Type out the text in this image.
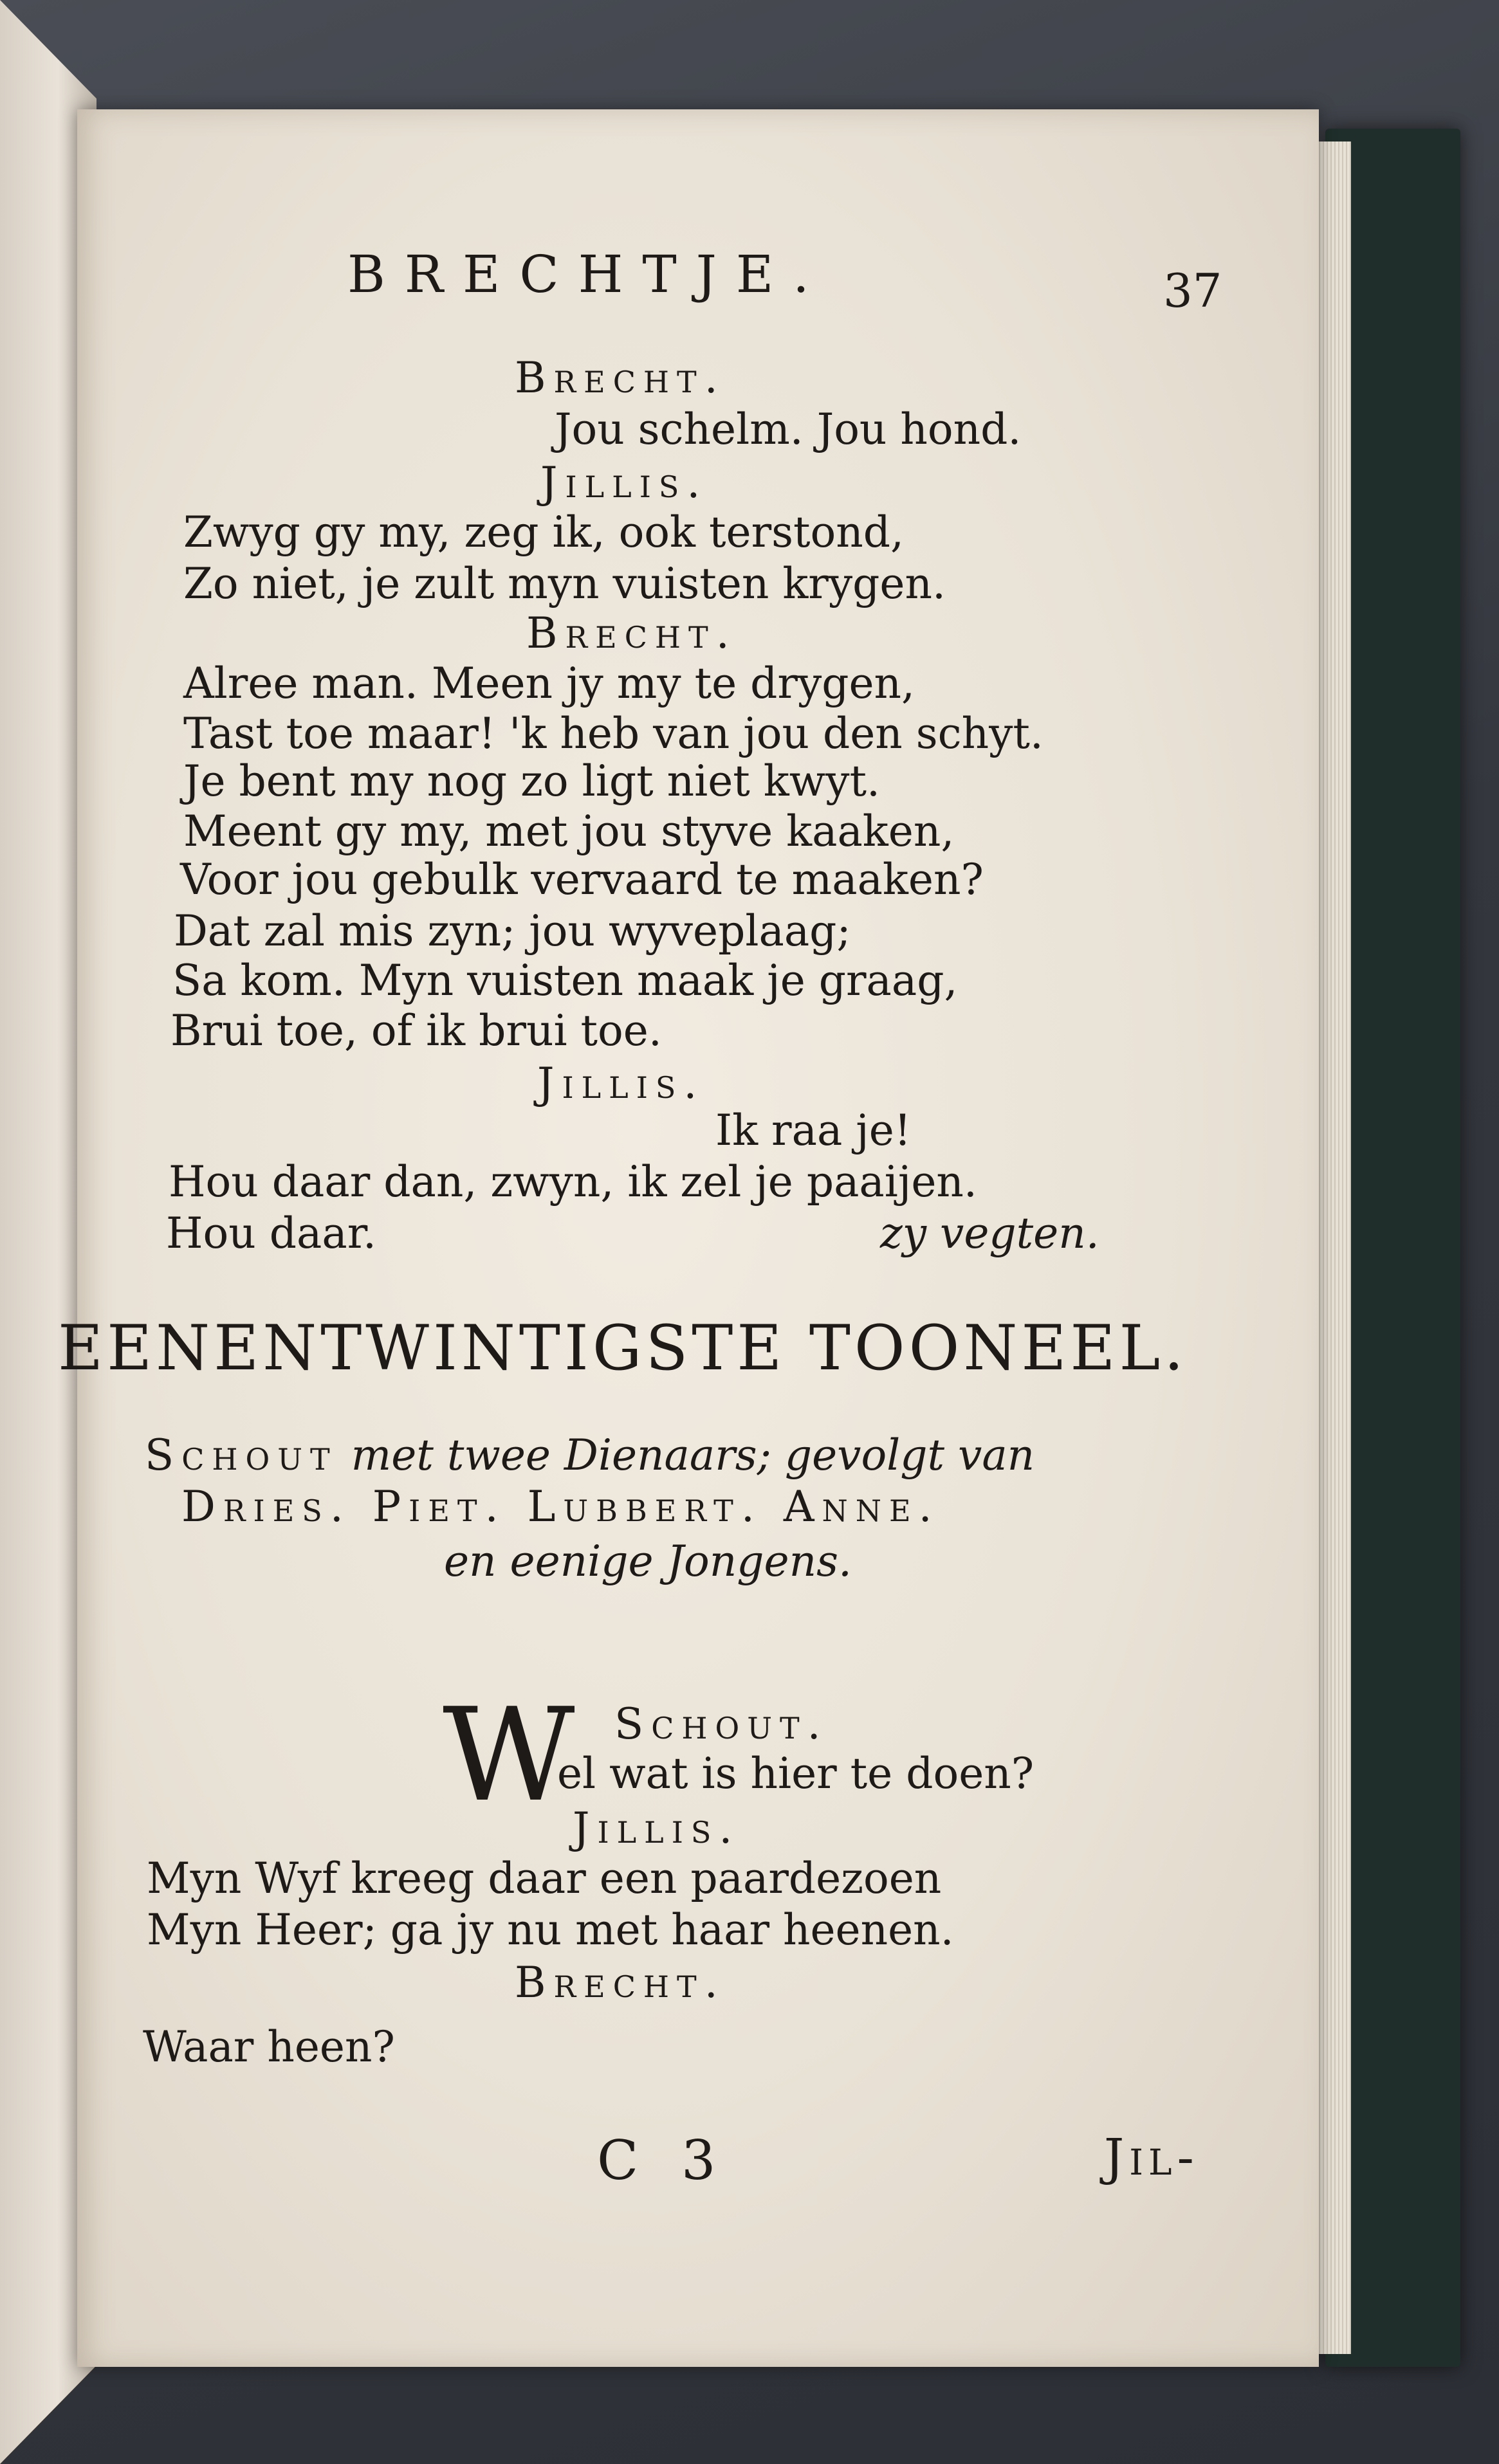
BRECHTJE.	37
Brecht.
Jou schelm. Jou hond.
Jillis.
Zwyg gy my, zeg ik, ook terstond,
Zo niet, je zult myn vuisten krygen.
Brecht.
Alree man. Meen jy my te drygen,
Tast toe maar! 'k heb van jou den schyt.
Je bent my nog zo ligt niet kwyt.
Meent gy my, met jou styve kaaken,
Voor jou gebulk vervaard te maaken?
Dat zal mis zyn; jou wyveplaag;
Sa kom. Myn vuisten maak je graag,
Brui toe, of ik brui toe.
Jillis.
Ik raa je!
Hou daar dan, zwyn, ik zel je paaijen.
Hou daar.	zy vegten.
EENENTWINTIGSTE TOONEEL.
Schout met twee Dienaars; gevolgt van
Dries. Piet. Lubbert. Anne.
en eenige Jongens.
Schout.
W
el wat is hier te doen?
Jillis.
Myn Wyf kreeg daar een paardezoen
Myn Heer; ga jy nu met haar heenen.
Brecht.
Waar heen?
C 3	Jil-
